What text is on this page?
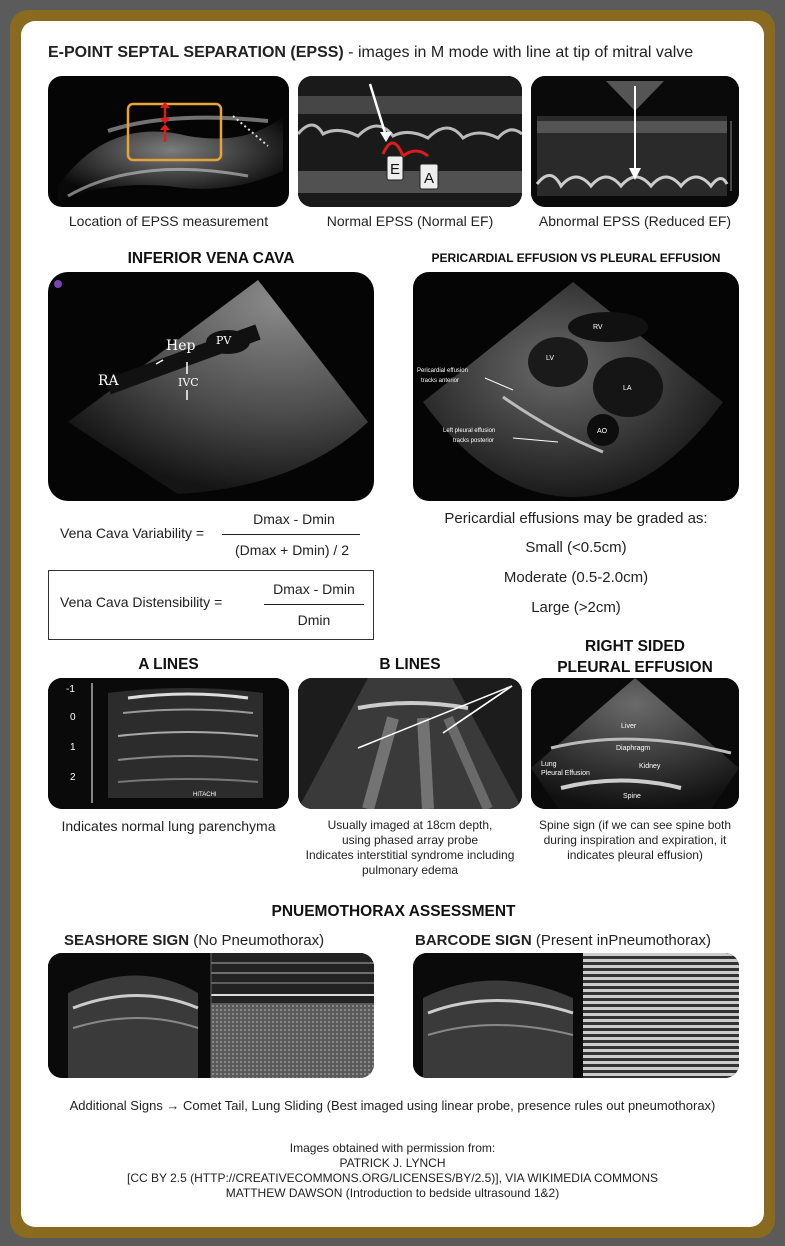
E-POINT SEPTAL SEPARATION (EPSS) - images in M mode with line at tip of mitral valve
E
A
Location of EPSS measurement	Normal EPSS (Normal EF)	Abnormal EPSS (Reduced EF)
INFERIOR VENA CAVA
RA
Hep PV
IVC
Vena Cava Variability =
Dmax - Dmin
(Dmax + Dmin) / 2
Vena Cava Distensibility =
Dmax - Dmin
Dmin
PERICARDIAL EFFUSION VS PLEURAL EFFUSION
RV
LV
LA
AO
Pericardial effusion
tracks anterior
Left pleural effusion
tracks posterior
Pericardial effusions may be graded as:
Small (<0.5cm)
Moderate (0.5-2.0cm)
Large (>2cm)
A LINES	B LINES
RIGHT SIDED
PLEURAL EFFUSION
-1
0
1
2
HITACHI
Liver
Diaphragm
Lung
Pleural Effusion
Kidney
Spine
Indicates normal lung parenchyma	Usually imaged at 18cm depth,
using phased array probe
Indicates interstitial syndrome including
pulmonary edema
Spine sign (if we can see spine both
during inspiration and expiration, it
indicates pleural effusion)
PNUEMOTHORAX ASSESSMENT
SEASHORE SIGN (No Pneumothorax)	BARCODE SIGN (Present inPneumothorax)
Additional Signs → Comet Tail, Lung Sliding (Best imaged using linear probe, presence rules out pneumothorax)
Images obtained with permission from:
PATRICK J. LYNCH
[CC BY 2.5 (HTTP://CREATIVECOMMONS.ORG/LICENSES/BY/2.5)], VIA WIKIMEDIA COMMONS
MATTHEW DAWSON (Introduction to bedside ultrasound 1&2)
